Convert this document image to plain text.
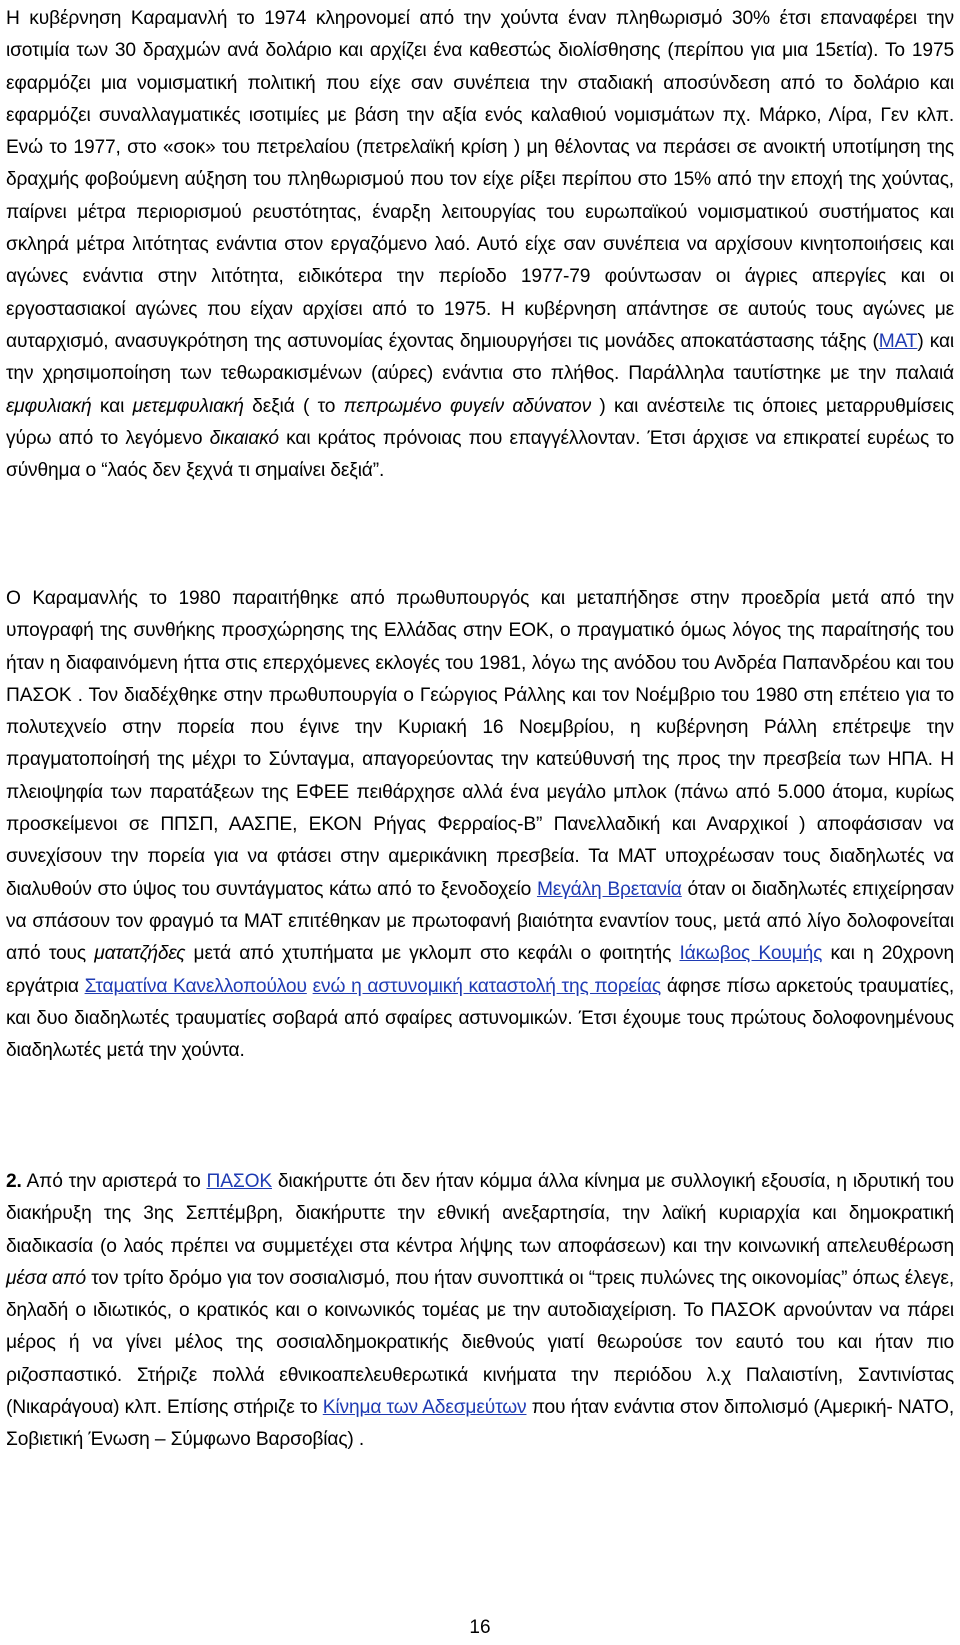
Η κυβέρνηση Καραμανλή το 1974 κληρονομεί από την χούντα έναν πληθωρισμό 30% έτσι επαναφέρει την ισοτιμία των 30 δραχμών ανά δολάριο και αρχίζει ένα καθεστώς διολίσθησης (περίπου για μια 15ετία). Το 1975 εφαρμόζει μια νομισματική πολιτική που είχε σαν συνέπεια την σταδιακή αποσύνδεση από το δολάριο και εφαρμόζει συναλλαγματικές ισοτιμίες με βάση την αξία ενός καλαθιού νομισμάτων πχ. Μάρκο, Λίρα, Γεν κλπ. Ενώ το 1977, στο «σοκ» του πετρελαίου (πετρελαϊκή κρίση ) μη θέλοντας να περάσει σε ανοικτή υποτίμηση της δραχμής φοβούμενη αύξηση του πληθωρισμού που τον είχε ρίξει περίπου στο 15% από την εποχή της χούντας, παίρνει μέτρα περιορισμού ρευστότητας, έναρξη λειτουργίας του ευρωπαϊκού νομισματικού συστήματος και σκληρά μέτρα λιτότητας ενάντια στον εργαζόμενο λαό. Αυτό είχε σαν συνέπεια να αρχίσουν κινητοποιήσεις και αγώνες ενάντια στην λιτότητα, ειδικότερα την περίοδο 1977-79 φούντωσαν οι άγριες απεργίες και οι εργοστασιακοί αγώνες που είχαν αρχίσει από το 1975. Η κυβέρνηση απάντησε σε αυτούς τους αγώνες με αυταρχισμό, ανασυγκρότηση της αστυνομίας έχοντας δημιουργήσει τις μονάδες αποκατάστασης τάξης (ΜΑΤ) και την χρησιμοποίηση των τεθωρακισμένων (αύρες) ενάντια στο πλήθος. Παράλληλα ταυτίστηκε με την παλαιά εμφυλιακή και μετεμφυλιακή δεξιά ( το πεπρωμένο φυγείν αδύνατον ) και ανέστειλε τις όποιες μεταρρυθμίσεις γύρω από το λεγόμενο δικαιακό και κράτος πρόνοιας που επαγγέλλονταν. Έτσι άρχισε να επικρατεί ευρέως το σύνθημα ο “λαός δεν ξεχνά τι σημαίνει δεξιά”.

Ο Καραμανλής το 1980 παραιτήθηκε από πρωθυπουργός και μεταπήδησε στην προεδρία μετά από την υπογραφή της συνθήκης προσχώρησης της Ελλάδας στην ΕΟΚ, ο πραγματικό όμως λόγος της παραίτησής του ήταν η διαφαινόμενη ήττα στις επερχόμενες εκλογές του 1981, λόγω της ανόδου του Ανδρέα Παπανδρέου και του ΠΑΣΟΚ . Τον διαδέχθηκε στην πρωθυπουργία ο Γεώργιος Ράλλης και τον Νοέμβριο του 1980 στη επέτειο για το πολυτεχνείο στην πορεία που έγινε την Κυριακή 16 Νοεμβρίου, η κυβέρνηση Ράλλη επέτρεψε την πραγματοποίησή της μέχρι το Σύνταγμα, απαγορεύοντας την κατεύθυνσή της προς την πρεσβεία των ΗΠΑ. Η πλειοψηφία των παρατάξεων της ΕΦΕΕ πειθάρχησε αλλά ένα μεγάλο μπλοκ (πάνω από 5.000 άτομα, κυρίως προσκείμενοι σε ΠΠΣΠ, ΑΑΣΠΕ, ΕΚΟΝ Ρήγας Φερραίος-Β” Πανελλαδική και Αναρχικοί ) αποφάσισαν να συνεχίσουν την πορεία για να φτάσει στην αμερικάνικη πρεσβεία. Τα ΜΑΤ υποχρέωσαν τους διαδηλωτές να διαλυθούν στο ύψος του συντάγματος κάτω από το ξενοδοχείο Μεγάλη Βρετανία όταν οι διαδηλωτές επιχείρησαν να σπάσουν τον φραγμό τα ΜΑΤ επιτέθηκαν με πρωτοφανή βιαιότητα εναντίον τους, μετά από λίγο δολοφονείται από τους ματατζήδες μετά από χτυπήματα με γκλομπ στο κεφάλι ο φοιτητής Ιάκωβος Κουμής και η 20χρονη εργάτρια Σταματίνα Κανελλοπούλου ενώ η αστυνομική καταστολή της πορείας άφησε πίσω αρκετούς τραυματίες, και δυο διαδηλωτές τραυματίες σοβαρά από σφαίρες αστυνομικών. Έτσι έχουμε τους πρώτους δολοφονημένους διαδηλωτές μετά την χούντα.

2. Από την αριστερά το ΠΑΣΟΚ διακήρυττε ότι δεν ήταν κόμμα άλλα κίνημα με συλλογική εξουσία, η ιδρυτική του διακήρυξη της 3ης Σεπτέμβρη, διακήρυττε την εθνική ανεξαρτησία, την λαϊκή κυριαρχία και δημοκρατική διαδικασία (ο λαός πρέπει να συμμετέχει στα κέντρα λήψης των αποφάσεων) και την κοινωνική απελευθέρωση μέσα από τον τρίτο δρόμο για τον σοσιαλισμό, που ήταν συνοπτικά οι “τρεις πυλώνες της οικονομίας” όπως έλεγε, δηλαδή ο ιδιωτικός, ο κρατικός και ο κοινωνικός τομέας με την αυτοδιαχείριση. Το ΠΑΣΟΚ αρνούνταν να πάρει μέρος ή να γίνει μέλος της σοσιαλδημοκρατικής διεθνούς γιατί θεωρούσε τον εαυτό του και ήταν πιο ριζοσπαστικό. Στήριζε πολλά εθνικοαπελευθερωτικά κινήματα την περιόδου λ.χ Παλαιστίνη, Σαντινίστας (Νικαράγουα) κλπ. Επίσης στήριζε το Κίνημα των Αδεσμεύτων που ήταν ενάντια στον διπολισμό (Αμερική- ΝΑΤΟ, Σοβιετική Ένωση – Σύμφωνο Βαρσοβίας) .

16
